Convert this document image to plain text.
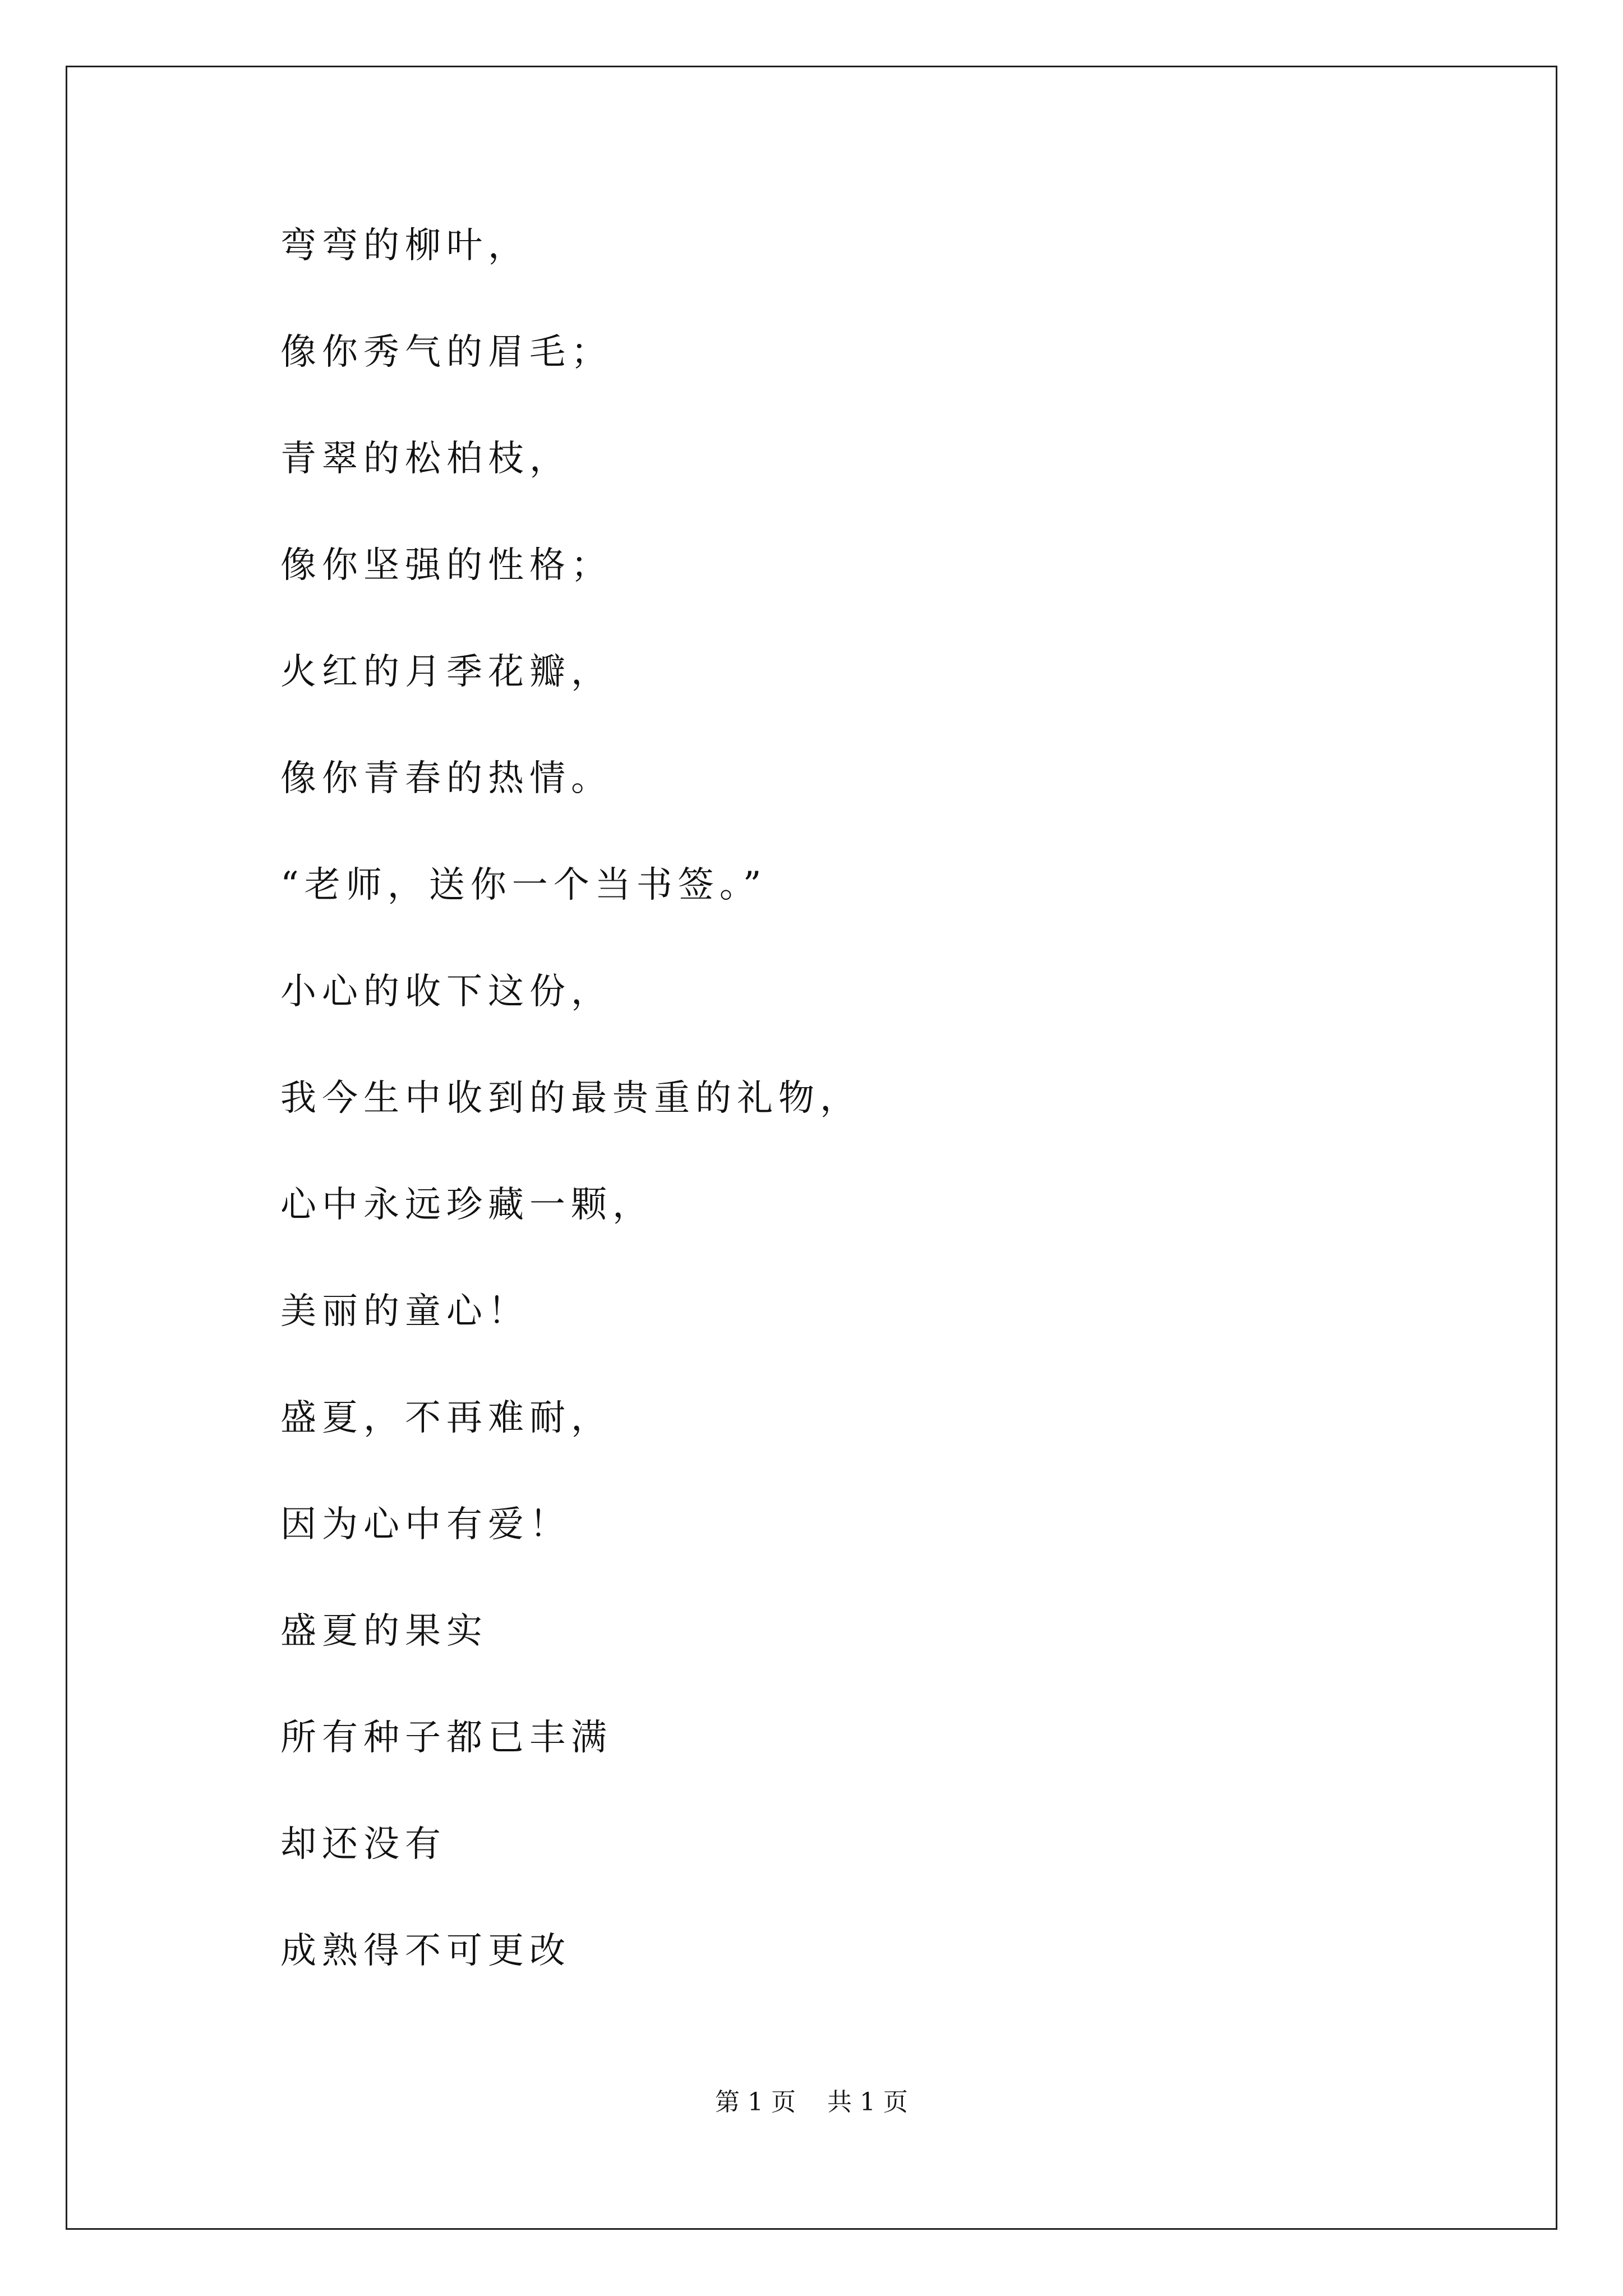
弯弯的柳叶，
像你秀气的眉毛；
青翠的松柏枝，
像你坚强的性格；
火红的月季花瓣，
像你青春的热情。
“老师，送你一个当书签。”
小心的收下这份，
我今生中收到的最贵重的礼物，
心中永远珍藏一颗，
美丽的童心！
盛夏，不再难耐，
因为心中有爱！
盛夏的果实
所有种子都已丰满
却还没有
成熟得不可更改
第 1 页    共 1 页
